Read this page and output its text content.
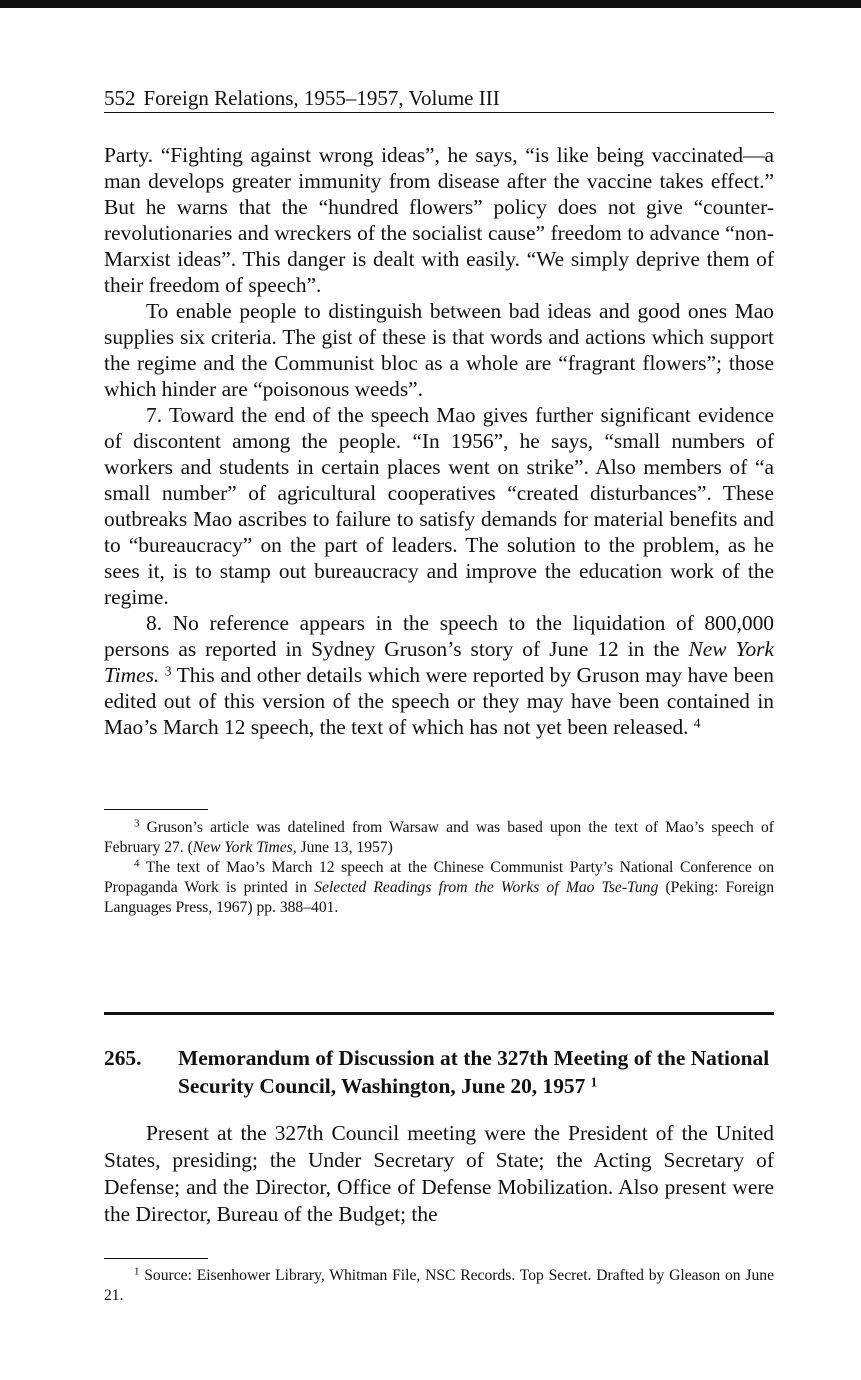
552 Foreign Relations, 1955–1957, Volume III

Party. “Fighting against wrong ideas”, he says, “is like being vaccinated—a man develops greater immunity from disease after the vaccine takes effect.” But he warns that the “hundred flowers” policy does not give “counter-revolutionaries and wreckers of the socialist cause” freedom to advance “non-Marxist ideas”. This danger is dealt with easily. “We simply deprive them of their freedom of speech”.

To enable people to distinguish between bad ideas and good ones Mao supplies six criteria. The gist of these is that words and actions which support the regime and the Communist bloc as a whole are “fragrant flowers”; those which hinder are “poisonous weeds”.

7. Toward the end of the speech Mao gives further significant evidence of discontent among the people. “In 1956”, he says, “small numbers of workers and students in certain places went on strike”. Also members of “a small number” of agricultural cooperatives “created disturbances”. These outbreaks Mao ascribes to failure to satisfy demands for material benefits and to “bureaucracy” on the part of leaders. The solution to the problem, as he sees it, is to stamp out bureaucracy and improve the education work of the regime.

8. No reference appears in the speech to the liquidation of 800,000 persons as reported in Sydney Gruson’s story of June 12 in the New York Times. $^3$ This and other details which were reported by Gruson may have been edited out of this version of the speech or they may have been contained in Mao’s March 12 speech, the text of which has not yet been released. $^4$

$^3$ Gruson’s article was datelined from Warsaw and was based upon the text of Mao’s speech of February 27. (New York Times, June 13, 1957)

$^4$ The text of Mao’s March 12 speech at the Chinese Communist Party’s National Conference on Propaganda Work is printed in Selected Readings from the Works of Mao Tse-Tung (Peking: Foreign Languages Press, 1967) pp. 388–401.

265. Memorandum of Discussion at the 327th Meeting of the National Security Council, Washington, June 20, 1957 $^1$

Present at the 327th Council meeting were the President of the United States, presiding; the Under Secretary of State; the Acting Secretary of Defense; and the Director, Office of Defense Mobilization. Also present were the Director, Bureau of the Budget; the

$^1$ Source: Eisenhower Library, Whitman File, NSC Records. Top Secret. Drafted by Gleason on June 21.
